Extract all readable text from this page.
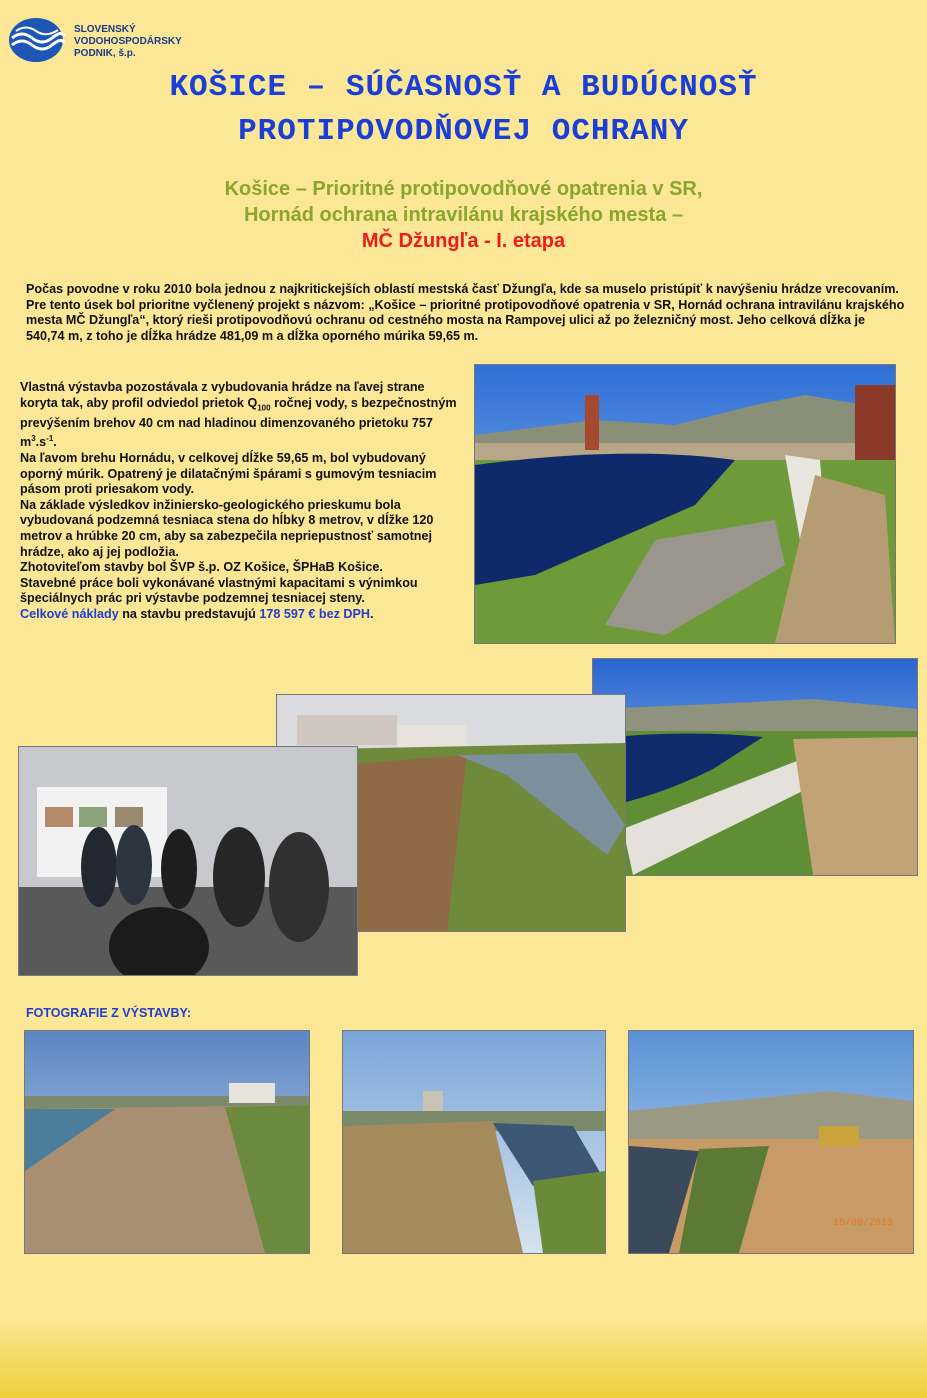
SLOVENSKÝ
VODOHOSPODÁRSKY
PODNIK, š.p.
KOŠICE – SÚČASNOSŤ A BUDÚCNOSŤ
PROTIPOVODŇOVEJ OCHRANY
Košice – Prioritné protipovodňové opatrenia v SR,
Hornád ochrana intravilánu krajského mesta –
MČ Džungľa - I. etapa
Počas povodne v roku 2010 bola jednou z najkritickejších oblastí mestská časť Džungľa, kde sa muselo pristúpiť k navýšeniu hrádze vrecovaním. Pre tento úsek bol prioritne vyčlenený projekt s názvom: „Košice – prioritné protipovodňové opatrenia v SR, Hornád ochrana intravilánu krajského mesta MČ Džungľa“, ktorý rieši protipovodňovú ochranu od cestného mosta na Rampovej ulici až po železničný most. Jeho celková dĺžka je 540,74 m, z toho je dĺžka hrádze 481,09 m a dĺžka oporného múrika 59,65 m.
Vlastná výstavba pozostávala z vybudovania hrádze na ľavej strane koryta tak, aby profil odviedol prietok $Q_{100}$ ročnej vody, s bezpečnostným prevýšením brehov 40 cm nad hladinou dimenzovaného prietoku 757 $m^3.s^{-1}$.
Na ľavom brehu Hornádu, v celkovej dĺžke 59,65 m, bol vybudovaný oporný múrik. Opatrený je dilatačnými špárami s gumovým tesniacim pásom proti priesakom vody.
Na základe výsledkov inžiniersko-geologického prieskumu bola vybudovaná podzemná tesniaca stena do hĺbky 8 metrov, v dĺžke 120 metrov a hrúbke 20 cm, aby sa zabezpečila nepriepustnosť samotnej hrádze, ako aj jej podložia.
Zhotoviteľom stavby bol ŠVP š.p. OZ Košice, ŠPHaB Košice.
Stavebné práce boli vykonávané vlastnými kapacitami s výnimkou špeciálnych prác pri výstavbe podzemnej tesniacej steny.
Celkové náklady na stavbu predstavujú 178 597 € bez DPH.
FOTOGRAFIE Z VÝSTAVBY:
15/09/2013
